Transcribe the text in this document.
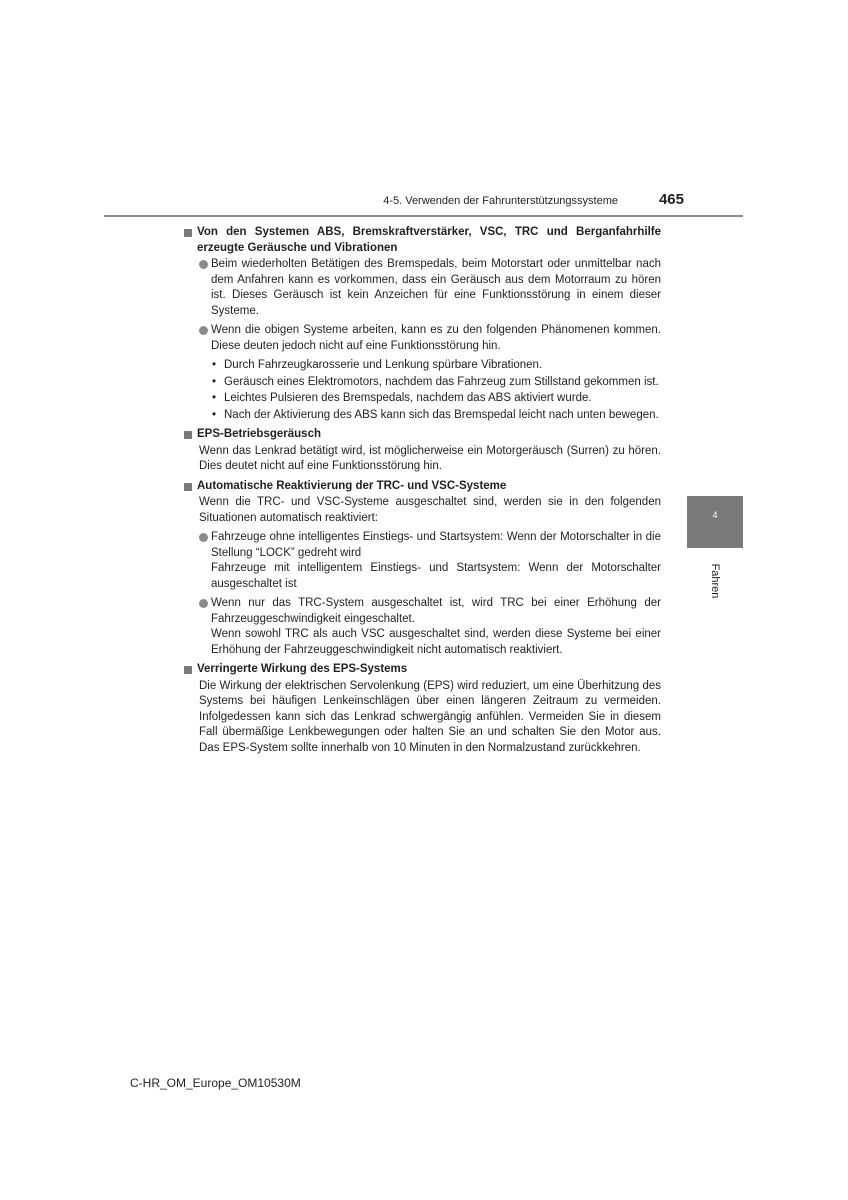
4-5. Verwenden der Fahrunterstützungssysteme	465
4
Fahren
Von den Systemen ABS, Bremskraftverstärker, VSC, TRC und Berganfahrhilfe erzeugte Geräusche und Vibrationen
Beim wiederholten Betätigen des Bremspedals, beim Motorstart oder unmittelbar nach dem Anfahren kann es vorkommen, dass ein Geräusch aus dem Motorraum zu hören ist. Dieses Geräusch ist kein Anzeichen für eine Funktionsstörung in einem dieser Systeme.
Wenn die obigen Systeme arbeiten, kann es zu den folgenden Phänomenen kommen. Diese deuten jedoch nicht auf eine Funktionsstörung hin.
• Durch Fahrzeugkarosserie und Lenkung spürbare Vibrationen.
• Geräusch eines Elektromotors, nachdem das Fahrzeug zum Stillstand gekommen ist.
• Leichtes Pulsieren des Bremspedals, nachdem das ABS aktiviert wurde.
• Nach der Aktivierung des ABS kann sich das Bremspedal leicht nach unten bewegen.
EPS-Betriebsgeräusch
Wenn das Lenkrad betätigt wird, ist möglicherweise ein Motorgeräusch (Surren) zu hören. Dies deutet nicht auf eine Funktionsstörung hin.
Automatische Reaktivierung der TRC- und VSC-Systeme
Wenn die TRC- und VSC-Systeme ausgeschaltet sind, werden sie in den folgenden Situationen automatisch reaktiviert:

Fahrzeuge ohne intelligentes Einstiegs- und Startsystem: Wenn der Motorschalter in die Stellung “LOCK” gedreht wird

Fahrzeuge mit intelligentem Einstiegs- und Startsystem: Wenn der Motorschalter ausgeschaltet ist

Wenn nur das TRC-System ausgeschaltet ist, wird TRC bei einer Erhöhung der Fahrzeuggeschwindigkeit eingeschaltet.

Wenn sowohl TRC als auch VSC ausgeschaltet sind, werden diese Systeme bei einer Erhöhung der Fahrzeuggeschwindigkeit nicht automatisch reaktiviert.

Verringerte Wirkung des EPS-Systems
Die Wirkung der elektrischen Servolenkung (EPS) wird reduziert, um eine Überhitzung des Systems bei häufigen Lenkeinschlägen über einen längeren Zeitraum zu vermeiden. Infolgedessen kann sich das Lenkrad schwergängig anfühlen. Vermeiden Sie in diesem Fall übermäßige Lenkbewegungen oder halten Sie an und schalten Sie den Motor aus. Das EPS-System sollte innerhalb von 10 Minuten in den Normalzustand zurückkehren.
C-HR_OM_Europe_OM10530M
